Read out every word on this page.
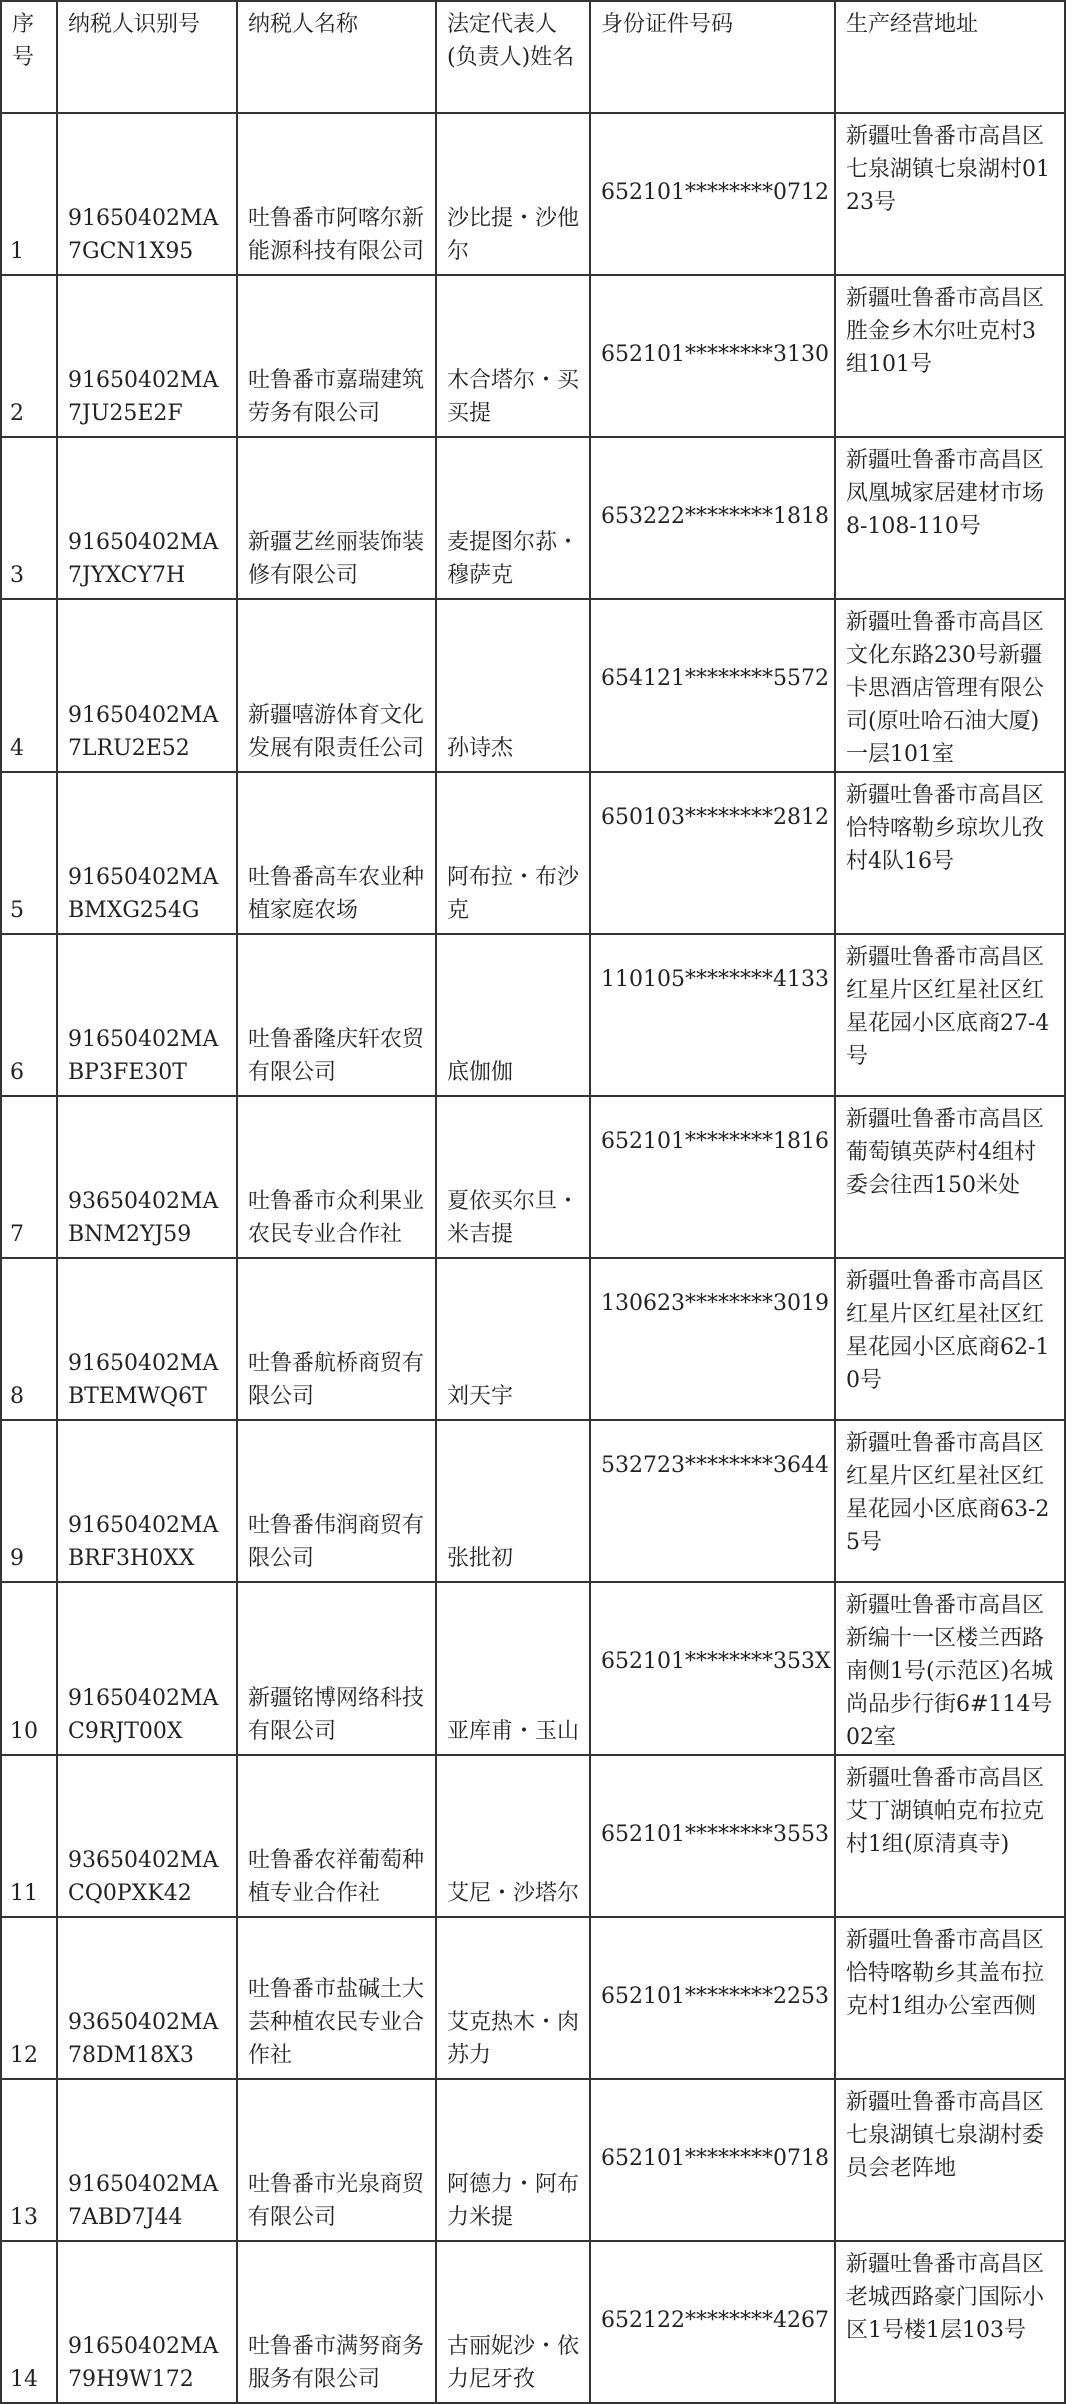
序号	纳税人识别号	纳税人名称	法定代表人(负责人)姓名	身份证件号码	生产经营地址
1	91650402MA7GCN1X95	吐鲁番市阿喀尔新能源科技有限公司	沙比提・沙他尔	652101********0712	新疆吐鲁番市高昌区七泉湖镇七泉湖村0123号
2	91650402MA7JU25E2F	吐鲁番市嘉瑞建筑劳务有限公司	木合塔尔・买买提	652101********3130	新疆吐鲁番市高昌区胜金乡木尔吐克村3组101号
3	91650402MA7JYXCY7H	新疆艺丝丽装饰装修有限公司	麦提图尔荪・穆萨克	653222********1818	新疆吐鲁番市高昌区凤凰城家居建材市场8-108-110号
4	91650402MA7LRU2E52	新疆嘻游体育文化发展有限责任公司	孙诗杰	654121********5572	新疆吐鲁番市高昌区文化东路230号新疆卡思酒店管理有限公司(原吐哈石油大厦)一层101室
5	91650402MABMXG254G	吐鲁番高车农业种植家庭农场	阿布拉・布沙克	650103********2812	新疆吐鲁番市高昌区恰特喀勒乡琼坎儿孜村4队16号
6	91650402MABP3FE30T	吐鲁番隆庆轩农贸有限公司	底伽伽	110105********4133	新疆吐鲁番市高昌区红星片区红星社区红星花园小区底商27-4号
7	93650402MABNM2YJ59	吐鲁番市众利果业农民专业合作社	夏依买尔旦・米吉提	652101********1816	新疆吐鲁番市高昌区葡萄镇英萨村4组村委会往西150米处
8	91650402MABTEMWQ6T	吐鲁番航桥商贸有限公司	刘天宇	130623********3019	新疆吐鲁番市高昌区红星片区红星社区红星花园小区底商62-10号
9	91650402MABRF3H0XX	吐鲁番伟润商贸有限公司	张批初	532723********3644	新疆吐鲁番市高昌区红星片区红星社区红星花园小区底商63-25号
10	91650402MAC9RJT00X	新疆铭博网络科技有限公司	亚库甫・玉山	652101********353X	新疆吐鲁番市高昌区新编十一区楼兰西路南侧1号(示范区)名城尚品步行街6#114号02室
11	93650402MACQ0PXK42	吐鲁番农祥葡萄种植专业合作社	艾尼・沙塔尔	652101********3553	新疆吐鲁番市高昌区艾丁湖镇帕克布拉克村1组(原清真寺)
12	93650402MA78DM18X3	吐鲁番市盐碱土大芸种植农民专业合作社	艾克热木・肉苏力	652101********2253	新疆吐鲁番市高昌区恰特喀勒乡其盖布拉克村1组办公室西侧
13	91650402MA7ABD7J44	吐鲁番市光泉商贸有限公司	阿德力・阿布力米提	652101********0718	新疆吐鲁番市高昌区七泉湖镇七泉湖村委员会老阵地
14	91650402MA79H9W172	吐鲁番市满努商务服务有限公司	古丽妮沙・依力尼牙孜	652122********4267	新疆吐鲁番市高昌区老城西路豪门国际小区1号楼1层103号
